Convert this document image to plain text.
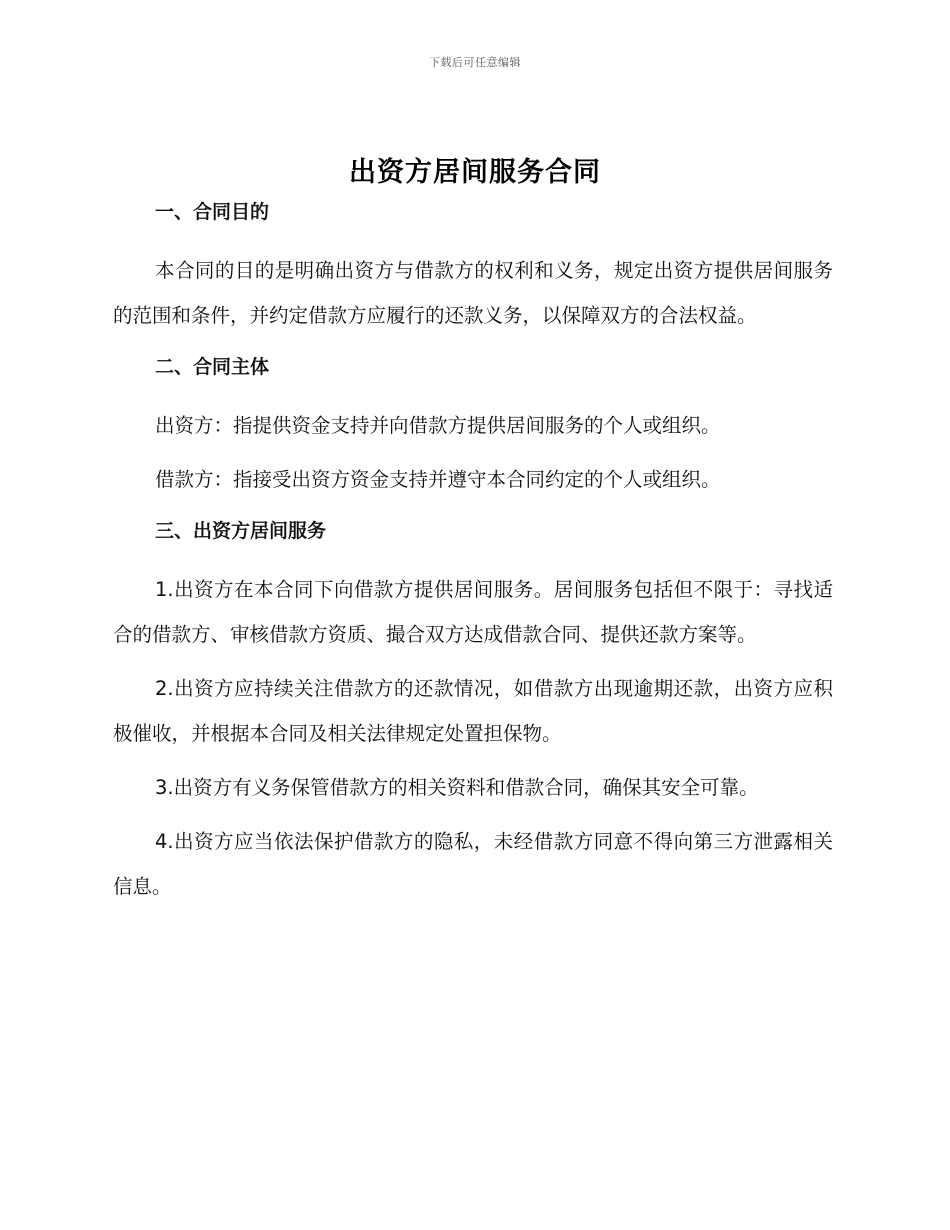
下载后可任意编辑
出资方居间服务合同
一、合同目的

本合同的目的是明确出资方与借款方的权利和义务，规定出资方提供居间服务的范围和条件，并约定借款方应履行的还款义务，以保障双方的合法权益。

二、合同主体

出资方：指提供资金支持并向借款方提供居间服务的个人或组织。

借款方：指接受出资方资金支持并遵守本合同约定的个人或组织。

三、出资方居间服务

1.出资方在本合同下向借款方提供居间服务。居间服务包括但不限于：寻找适合的借款方、审核借款方资质、撮合双方达成借款合同、提供还款方案等。

2.出资方应持续关注借款方的还款情况，如借款方出现逾期还款，出资方应积极催收，并根据本合同及相关法律规定处置担保物。

3.出资方有义务保管借款方的相关资料和借款合同，确保其安全可靠。

4.出资方应当依法保护借款方的隐私，未经借款方同意不得向第三方泄露相关信息。
